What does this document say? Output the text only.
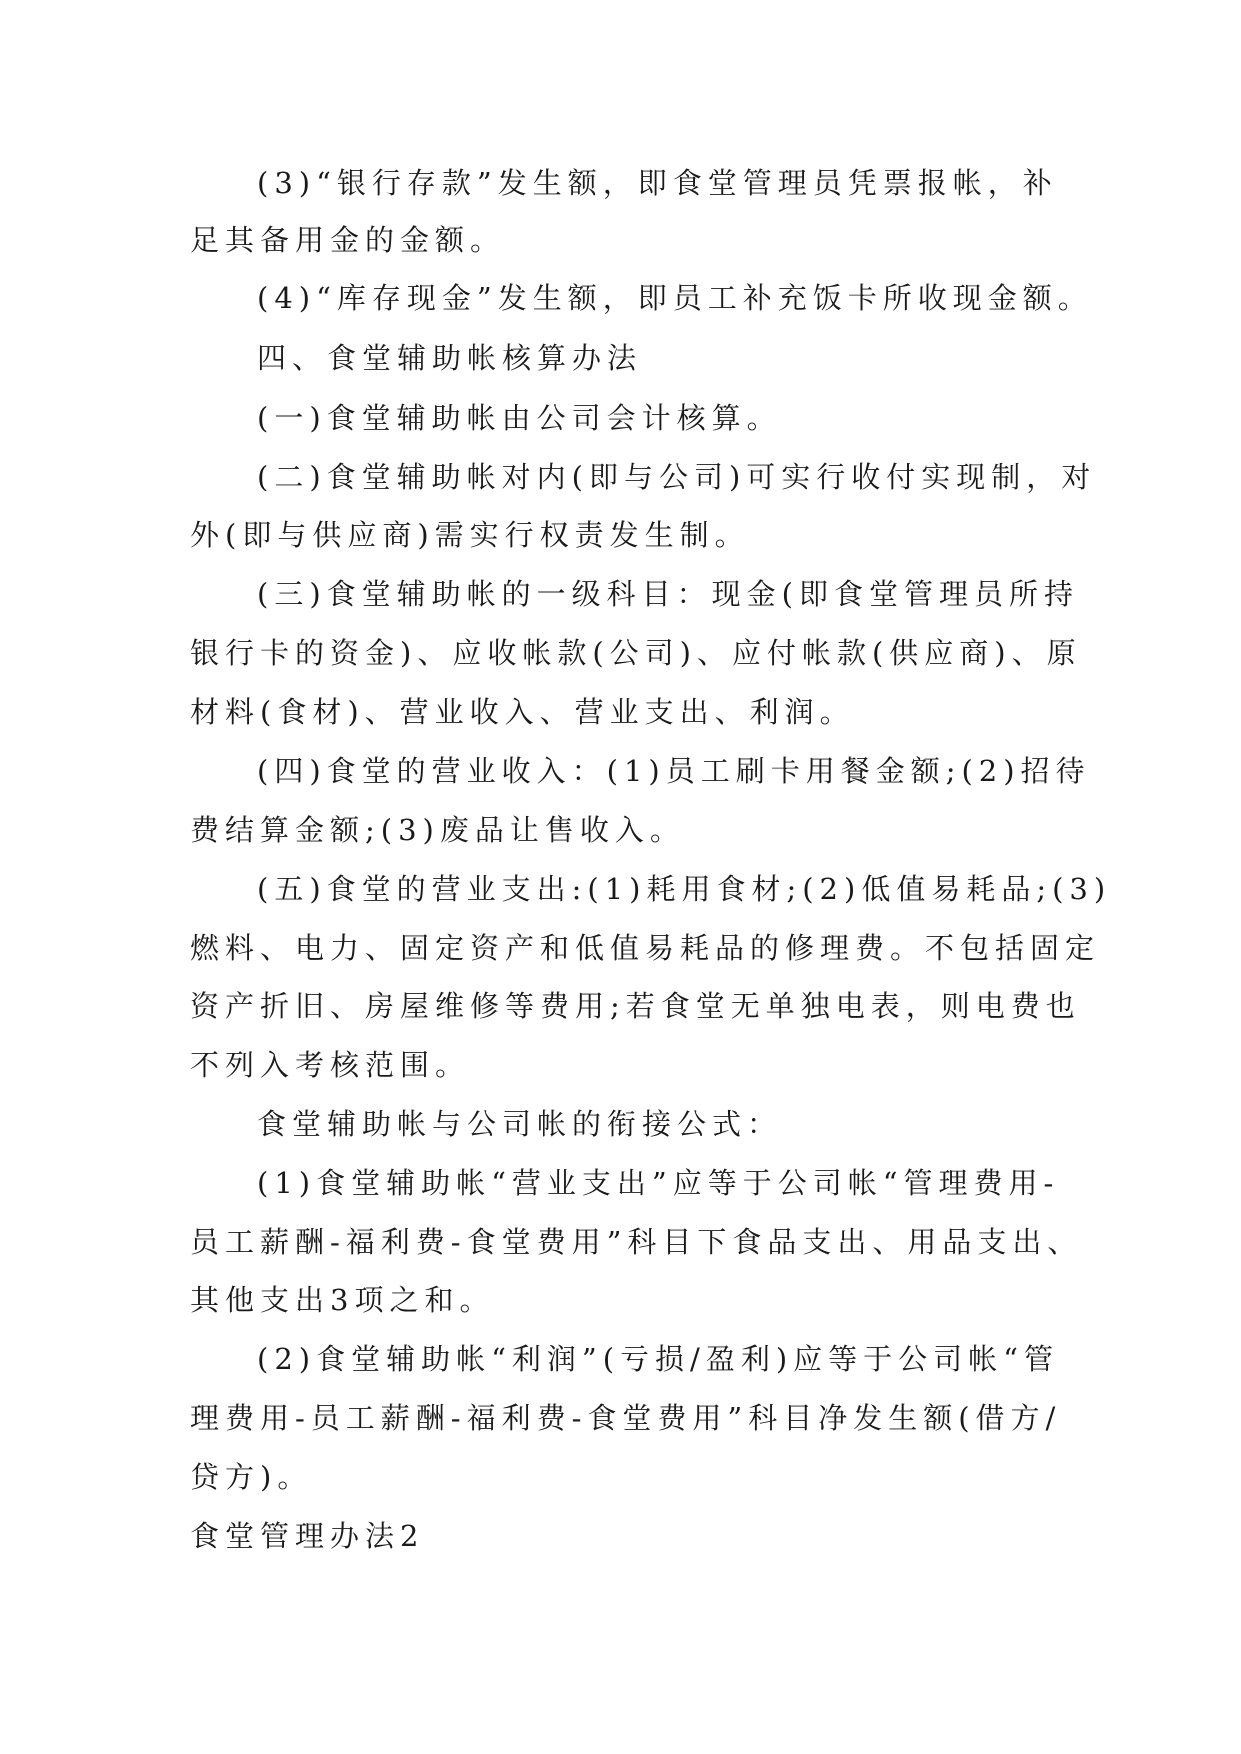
(3)“银行存款”发生额，即食堂管理员凭票报帐，补

足其备用金的金额。

(4)“库存现金”发生额，即员工补充饭卡所收现金额。

四、食堂辅助帐核算办法

(一)食堂辅助帐由公司会计核算。

(二)食堂辅助帐对内(即与公司)可实行收付实现制，对

外(即与供应商)需实行权责发生制。

(三)食堂辅助帐的一级科目：现金(即食堂管理员所持

银行卡的资金)、应收帐款(公司)、应付帐款(供应商)、原

材料(食材)、营业收入、营业支出、利润。

(四)食堂的营业收入：(1)员工刷卡用餐金额;(2)招待

费结算金额;(3)废品让售收入。

(五)食堂的营业支出:(1)耗用食材;(2)低值易耗品;(3)

燃料、电力、固定资产和低值易耗品的修理费。不包括固定

资产折旧、房屋维修等费用;若食堂无单独电表，则电费也

不列入考核范围。

食堂辅助帐与公司帐的衔接公式：

(1)食堂辅助帐“营业支出”应等于公司帐“管理费用-

员工薪酬-福利费-食堂费用”科目下食品支出、用品支出、

其他支出3项之和。

(2)食堂辅助帐“利润”(亏损/盈利)应等于公司帐“管

理费用-员工薪酬-福利费-食堂费用”科目净发生额(借方/

贷方)。

食堂管理办法2
